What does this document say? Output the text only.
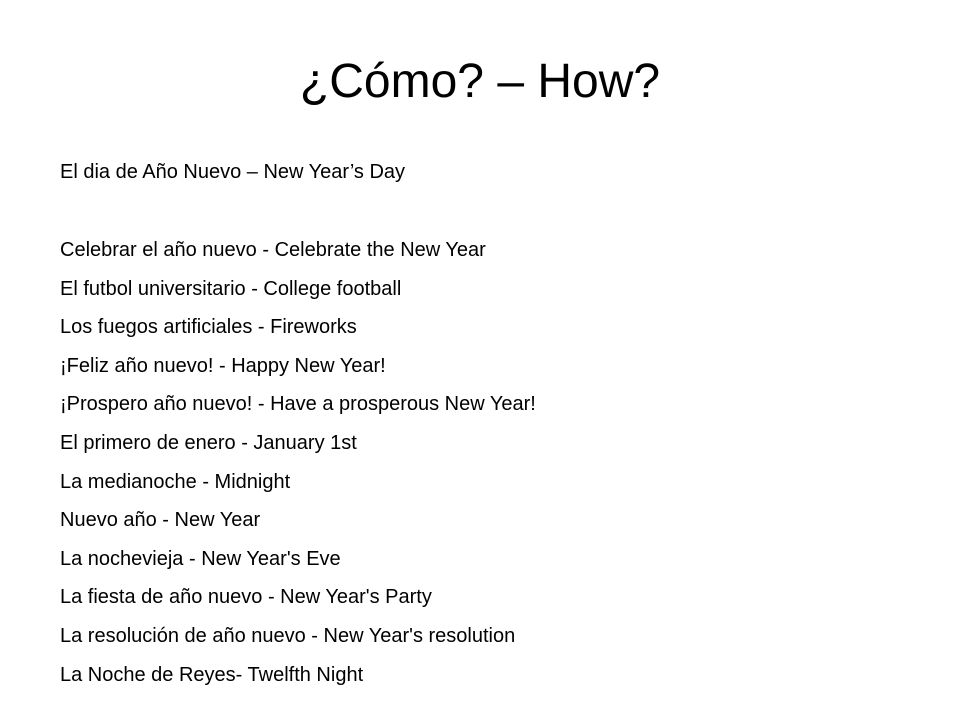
¿Cómo? – How?
El dia de Año Nuevo – New Year’s Day
Celebrar el año nuevo - Celebrate the New Year
El futbol universitario - College football
Los fuegos artificiales - Fireworks
¡Feliz año nuevo! - Happy New Year!
¡Prospero año nuevo! - Have a prosperous New Year!
El primero de enero - January 1st
La medianoche - Midnight
Nuevo año - New Year
La nochevieja - New Year's Eve
La fiesta de año nuevo - New Year's Party
La resolución de año nuevo - New Year's resolution
La Noche de Reyes- Twelfth Night
